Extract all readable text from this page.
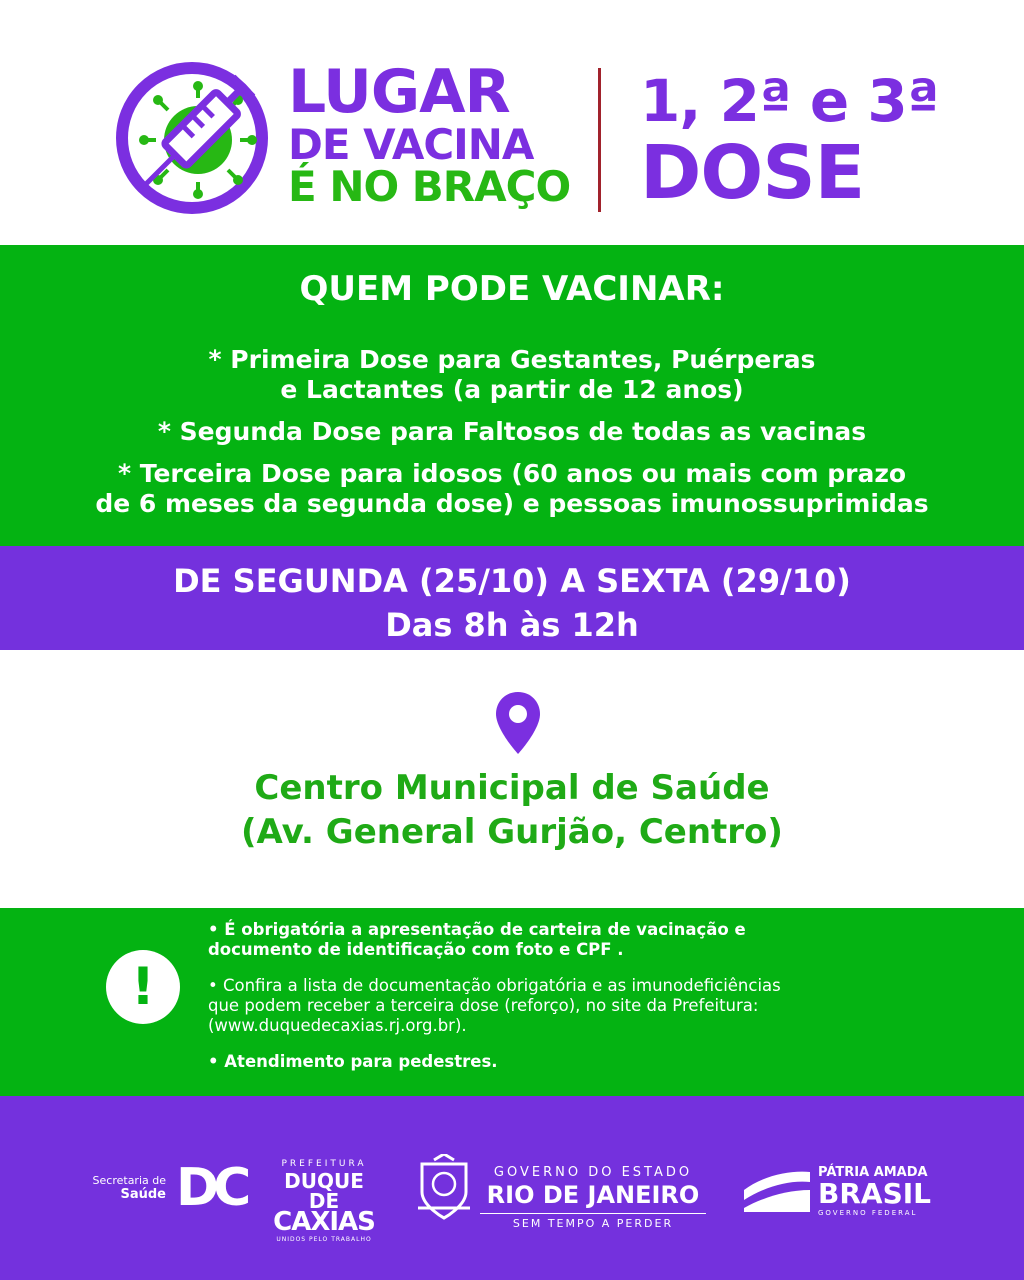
LUGAR
DE VACINA
É NO BRAÇO
1, 2ª e 3ª
DOSE
QUEM PODE VACINAR:
* Primeira Dose para Gestantes, Puérperas
e Lactantes (a partir de 12 anos)
* Segunda Dose para Faltosos de todas as vacinas
* Terceira Dose para idosos (60 anos ou mais com prazo
de 6 meses da segunda dose) e pessoas imunossuprimidas
DE SEGUNDA (25/10) A SEXTA (29/10)
Das 8h às 12h
Centro Municipal de Saúde
(Av. General Gurjão, Centro)
!

• É obrigatória a apresentação de carteira de vacinação e
documento de identificação com foto e CPF .

• Confira a lista de documentação obrigatória e as imunodeficiências
que podem receber a terceira dose (reforço), no site da Prefeitura:
(www.duquedecaxias.rj.org.br).

• Atendimento para pedestres.

Secretaria de
Saúde DC	PREFEITURA
DUQUE DE
CAXIAS
UNIDOS PELO TRABALHO
GOVERNO DO ESTADO
RIO DE JANEIRO
SEM TEMPO A PERDER
PÁTRIA AMADA
BRASIL
GOVERNO FEDERAL
